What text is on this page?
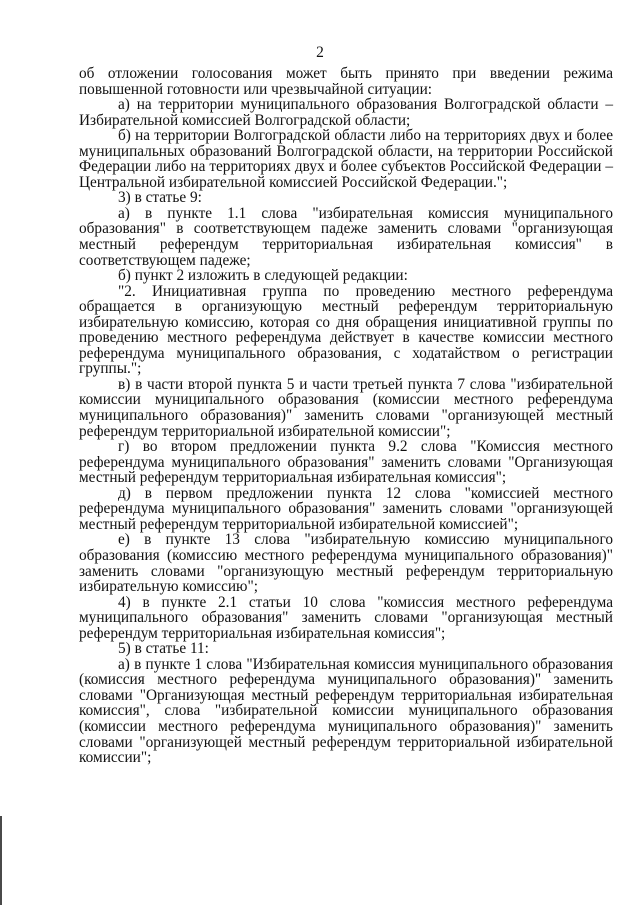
2

об отложении голосования может быть принято при введении режима повышенной готовности или чрезвычайной ситуации:

а) на территории муниципального образования Волгоградской области – Избирательной комиссией Волгоградской области;

б) на территории Волгоградской области либо на территориях двух и более муниципальных образований Волгоградской области, на территории Российской Федерации либо на территориях двух и более субъектов Российской Федерации – Центральной избирательной комиссией Российской Федерации.";

3) в статье 9:

а) в пункте 1.1 слова "избирательная комиссия муниципального образования" в соответствующем падеже заменить словами "организующая местный референдум территориальная избирательная комиссия" в соответствующем падеже;

б) пункт 2 изложить в следующей редакции:

"2. Инициативная группа по проведению местного референдума обращается в организующую местный референдум территориальную избирательную комиссию, которая со дня обращения инициативной группы по проведению местного референдума действует в качестве комиссии местного референдума муниципального образования, с ходатайством о регистрации группы.";

в) в части второй пункта 5 и части третьей пункта 7 слова "избирательной комиссии муниципального образования (комиссии местного референдума муниципального образования)" заменить словами "организующей местный референдум территориальной избирательной комиссии";

г) во втором предложении пункта 9.2 слова "Комиссия местного референдума муниципального образования" заменить словами "Организующая местный референдум территориальная избирательная комиссия";

д) в первом предложении пункта 12 слова "комиссией местного референдума муниципального образования" заменить словами "организующей местный референдум территориальной избирательной комиссией";

е) в пункте 13 слова "избирательную комиссию муниципального образования (комиссию местного референдума муниципального образования)" заменить словами "организующую местный референдум территориальную избирательную комиссию";

4) в пункте 2.1 статьи 10 слова "комиссия местного референдума муниципального образования" заменить словами "организующая местный референдум территориальная избирательная комиссия";

5) в статье 11:

а) в пункте 1 слова "Избирательная комиссия муниципального образования (комиссия местного референдума муниципального образования)" заменить словами "Организующая местный референдум территориальная избирательная комиссия", слова "избирательной комиссии муниципального образования (комиссии местного референдума муниципального образования)" заменить словами "организующей местный референдум территориальной избирательной комиссии";
